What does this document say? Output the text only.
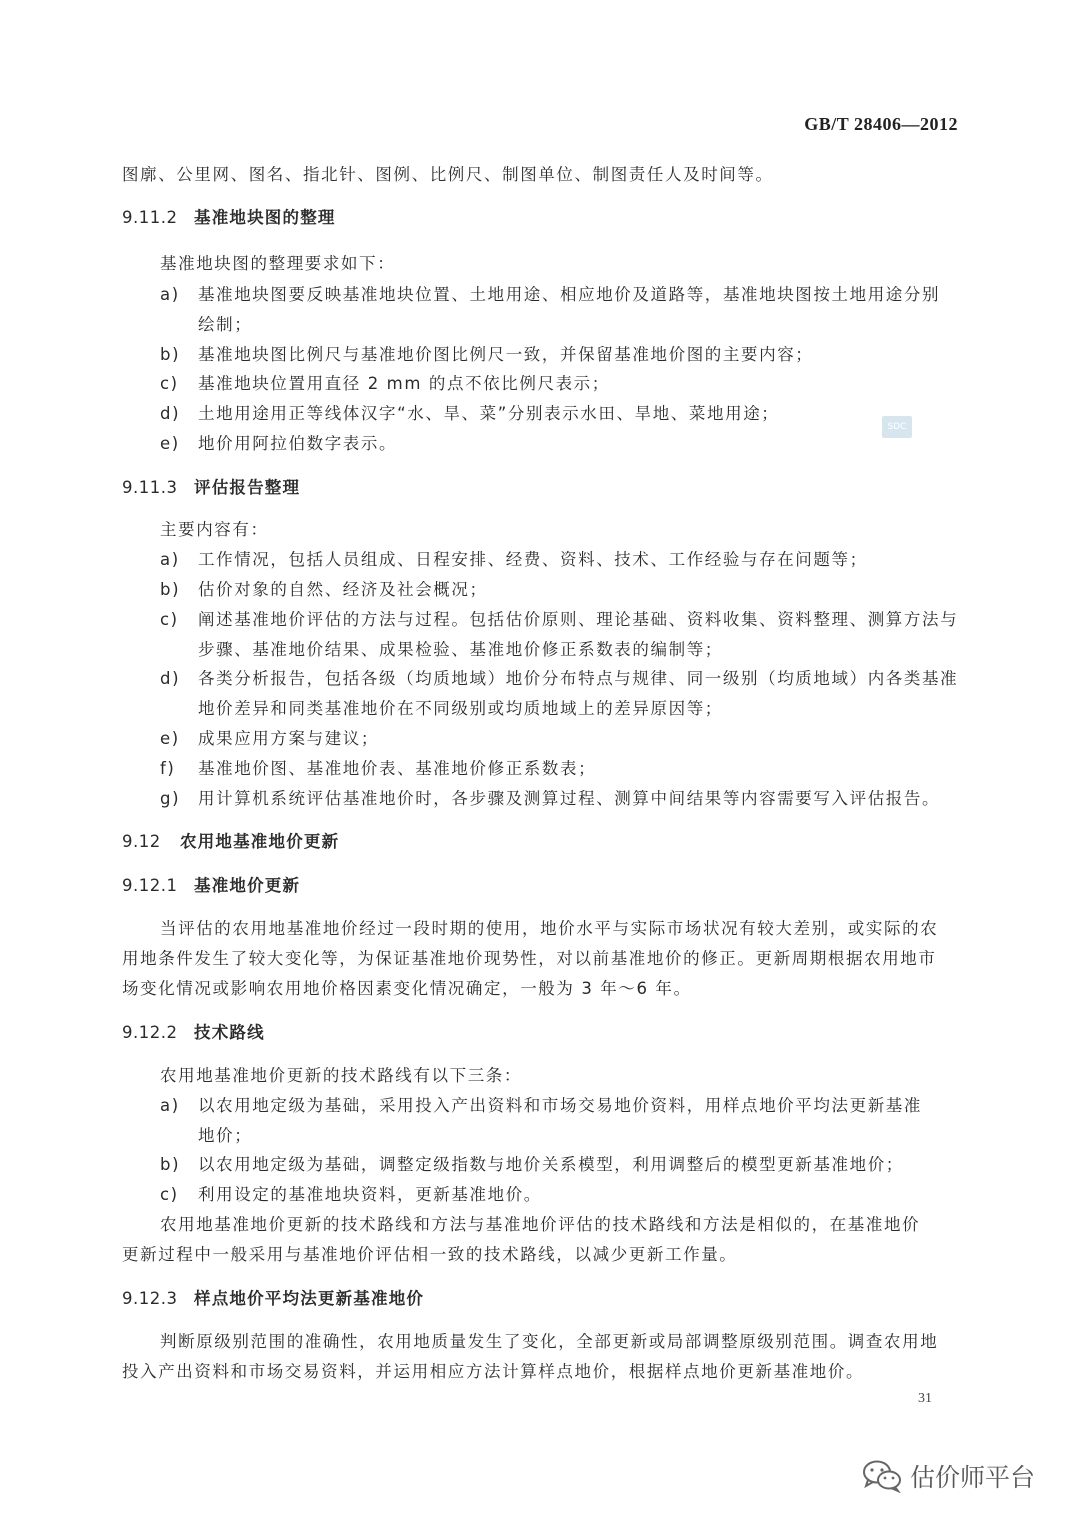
GB/T 28406—2012
SDC
图廓、公里网、图名、指北针、图例、比例尺、制图单位、制图责任人及时间等。
9.11.2 基准地块图的整理
基准地块图的整理要求如下：
a)	基准地块图要反映基准地块位置、土地用途、相应地价及道路等，基准地块图按土地用途分别
绘制；
b)	基准地块图比例尺与基准地价图比例尺一致，并保留基准地价图的主要内容；
c)	基准地块位置用直径 2 mm 的点不依比例尺表示；
d)	土地用途用正等线体汉字“水、旱、菜”分别表示水田、旱地、菜地用途；
e)	地价用阿拉伯数字表示。
9.11.3 评估报告整理
主要内容有：
a)	工作情况，包括人员组成、日程安排、经费、资料、技术、工作经验与存在问题等；
b)	估价对象的自然、经济及社会概况；
c)	阐述基准地价评估的方法与过程。包括估价原则、理论基础、资料收集、资料整理、测算方法与
步骤、基准地价结果、成果检验、基准地价修正系数表的编制等；
d)	各类分析报告，包括各级（均质地域）地价分布特点与规律、同一级别（均质地域）内各类基准
地价差异和同类基准地价在不同级别或均质地域上的差异原因等；
e)	成果应用方案与建议；
f)	基准地价图、基准地价表、基准地价修正系数表；
g)	用计算机系统评估基准地价时，各步骤及测算过程、测算中间结果等内容需要写入评估报告。
9.12 农用地基准地价更新
9.12.1 基准地价更新
当评估的农用地基准地价经过一段时期的使用，地价水平与实际市场状况有较大差别，或实际的农
用地条件发生了较大变化等，为保证基准地价现势性，对以前基准地价的修正。更新周期根据农用地市
场变化情况或影响农用地价格因素变化情况确定，一般为 3 年～6 年。
9.12.2 技术路线
农用地基准地价更新的技术路线有以下三条：
a)	以农用地定级为基础，采用投入产出资料和市场交易地价资料，用样点地价平均法更新基准
地价；
b)	以农用地定级为基础，调整定级指数与地价关系模型，利用调整后的模型更新基准地价；
c)	利用设定的基准地块资料，更新基准地价。
农用地基准地价更新的技术路线和方法与基准地价评估的技术路线和方法是相似的，在基准地价
更新过程中一般采用与基准地价评估相一致的技术路线，以减少更新工作量。
9.12.3 样点地价平均法更新基准地价
判断原级别范围的准确性，农用地质量发生了变化，全部更新或局部调整原级别范围。调查农用地
投入产出资料和市场交易资料，并运用相应方法计算样点地价，根据样点地价更新基准地价。
31
估价师平台
